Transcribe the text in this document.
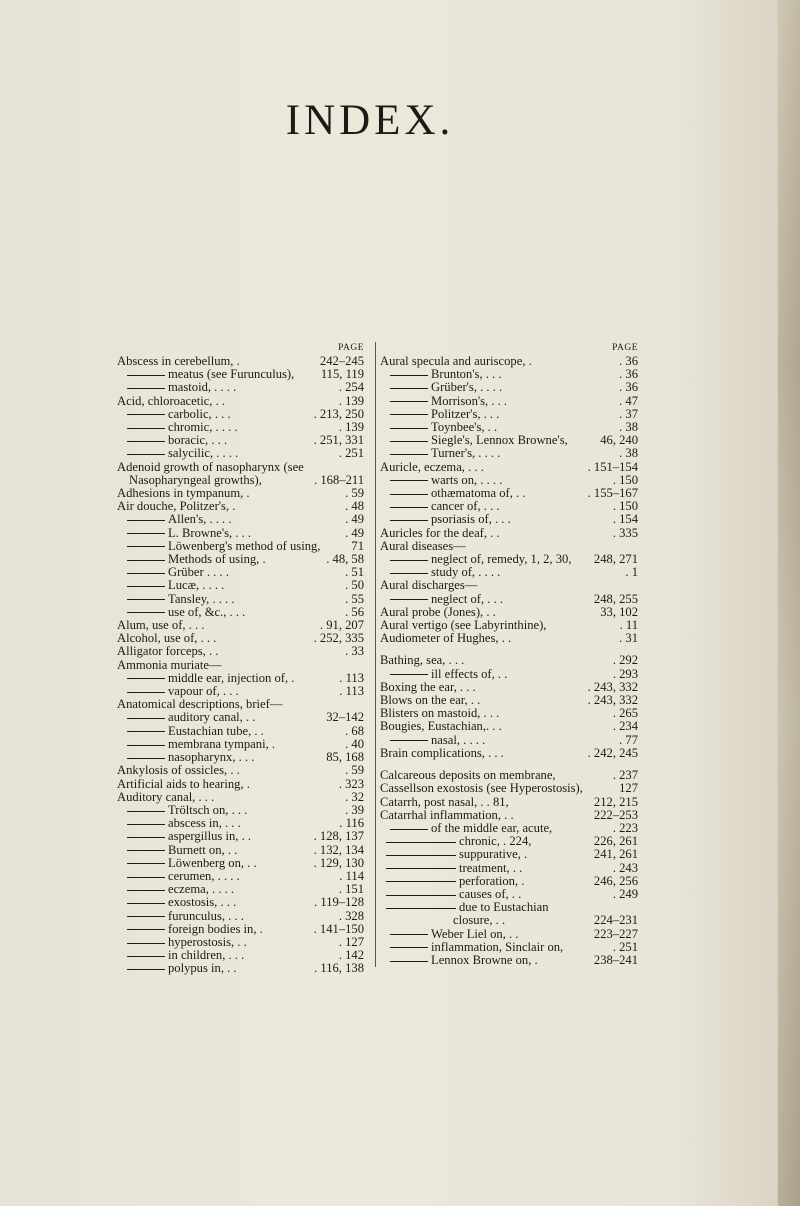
INDEX.
PAGE
Abscess in cerebellum, .	242–245
meatus (see Furunculus), 115, 119
mastoid, . . . .	. 254
Acid, chloroacetic, . .	. 139
carbolic, . . .	. 213, 250
chromic, . . . .	. 139
boracic, . . .	. 251, 331
salycilic, . . . .	. 251
Adenoid growth of nasopharynx (see
Nasopharyngeal growths),	. 168–211
Adhesions in tympanum, .	. 59
Air douche, Politzer's, .	. 48
Allen's, . . . .	. 49
L. Browne's, . . .	. 49
Löwenberg's method of using, 71
Methods of using, .	. 48, 58
Grüber . . . .	. 51
Lucæ, . . . .	. 50
Tansley, . . . .	. 55
use of, &c., . . .	. 56
Alum, use of, . . .	. 91, 207
Alcohol, use of, . . .	. 252, 335
Alligator forceps, . .	. 33
Ammonia muriate—
middle ear, injection of, .	. 113
vapour of, . . .	. 113
Anatomical descriptions, brief—
auditory canal, . .	32–142
Eustachian tube, . .	. 68
membrana tympani, .	. 40
nasopharynx, . . .	85, 168
Ankylosis of ossicles, . .	. 59
Artificial aids to hearing, .	. 323
Auditory canal, . . .	. 32
Tröltsch on, . . .	. 39
abscess in, . . .	. 116
aspergillus in, . .	. 128, 137
Burnett on, . .	. 132, 134
Löwenberg on, . .	. 129, 130
cerumen, . . . .	. 114
eczema, . . . .	. 151
exostosis, . . .	. 119–128
furunculus, . . .	. 328
foreign bodies in, .	. 141–150
hyperostosis, . .	. 127
in children, . . .	. 142
polypus in, . .	. 116, 138
PAGE
Aural specula and auriscope, .	. 36
Brunton's, . . .	. 36
Grüber's, . . . .	. 36
Morrison's, . . .	. 47
Politzer's, . . .	. 37
Toynbee's, . .	. 38
Siegle's, Lennox Browne's,	46, 240
Turner's, . . . .	. 38
Auricle, eczema, . . .	. 151–154
warts on, . . . .	. 150
othæmatoma of, . .	. 155–167
cancer of, . . .	. 150
psoriasis of, . . .	. 154
Auricles for the deaf, . .	. 335
Aural diseases—
neglect of, remedy, 1, 2, 30, 248, 271
study of, . . . .	. 1
Aural discharges—
neglect of, . . .	248, 255
Aural probe (Jones), . .	33, 102
Aural vertigo (see Labyrinthine),	. 11
Audiometer of Hughes, . .	. 31
Bathing, sea, . . .	. 292
ill effects of, . .	. 293
Boxing the ear, . . .	. 243, 332
Blows on the ear, . .	. 243, 332
Blisters on mastoid, . . .	. 265
Bougies, Eustachian,. . .	. 234
nasal, . . . .	. 77
Brain complications, . . .	. 242, 245
Calcareous deposits on membrane,	. 237
Cassellson exostosis (see Hyperostosis),	127
Catarrh, post nasal, . . 81,	212, 215
Catarrhal inflammation, . .	222–253
of the middle ear, acute,	. 223
chronic, . 224,	226, 261
suppurative, .	241, 261
treatment, . .	. 243
perforation, .	246, 256
causes of, . .	. 249
due to Eustachian
closure, . .	224–231
Weber Liel on, . .	223–227
inflammation, Sinclair on,	. 251
Lennox Browne on, .	238–241
